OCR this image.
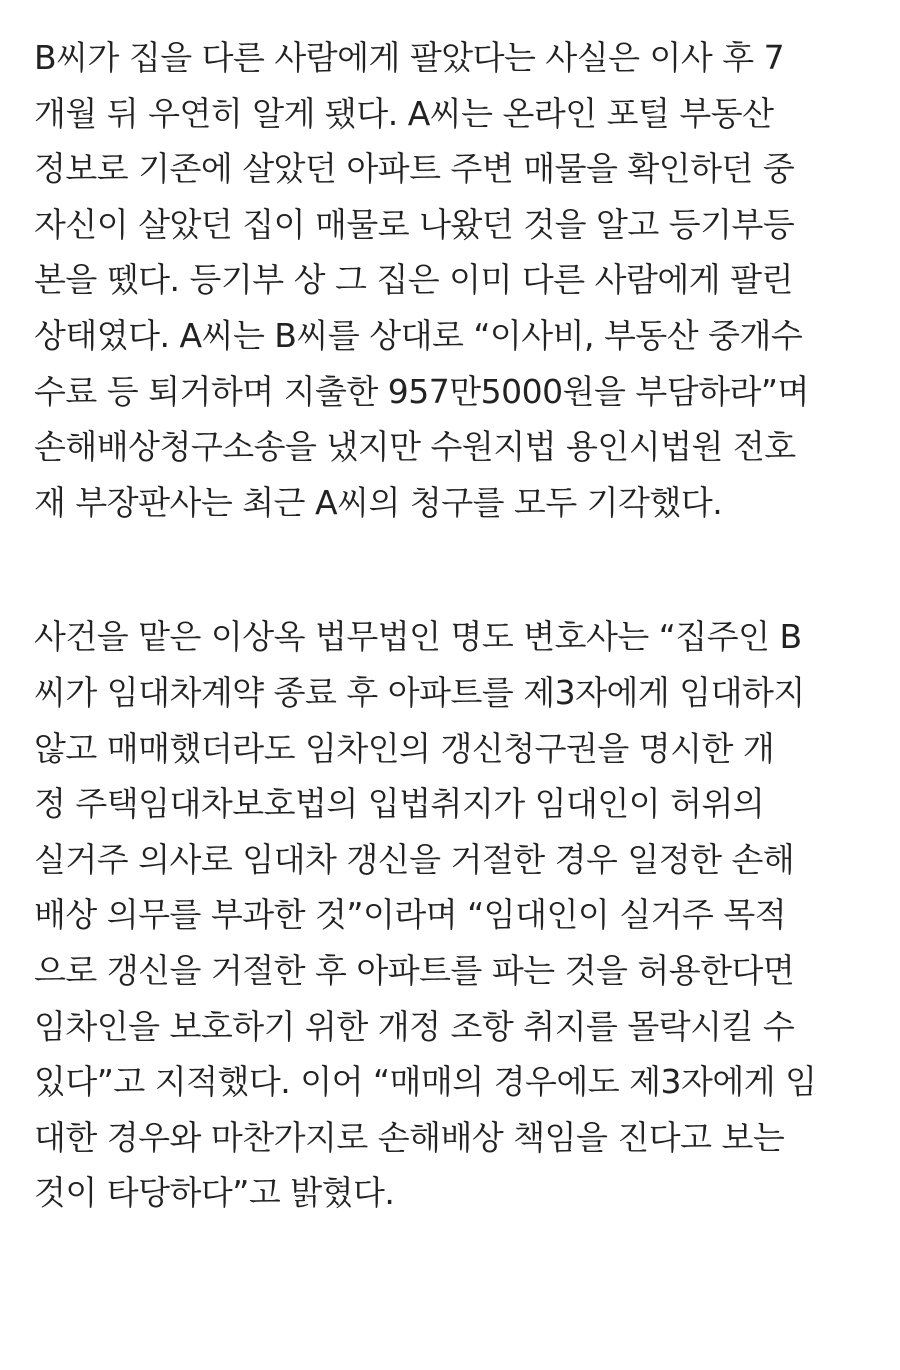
B씨가 집을 다른 사람에게 팔았다는 사실은 이사 후 7
개월 뒤 우연히 알게 됐다. A씨는 온라인 포털 부동산
정보로 기존에 살았던 아파트 주변 매물을 확인하던 중
자신이 살았던 집이 매물로 나왔던 것을 알고 등기부등
본을 뗐다. 등기부 상 그 집은 이미 다른 사람에게 팔린
상태였다. A씨는 B씨를 상대로 “이사비, 부동산 중개수
수료 등 퇴거하며 지출한 957만5000원을 부담하라”며
손해배상청구소송을 냈지만 수원지법 용인시법원 전호
재 부장판사는 최근 A씨의 청구를 모두 기각했다.
사건을 맡은 이상옥 법무법인 명도 변호사는 “집주인 B
씨가 임대차계약 종료 후 아파트를 제3자에게 임대하지
않고 매매했더라도 임차인의 갱신청구권을 명시한 개
정 주택임대차보호법의 입법취지가 임대인이 허위의
실거주 의사로 임대차 갱신을 거절한 경우 일정한 손해
배상 의무를 부과한 것”이라며 “임대인이 실거주 목적
으로 갱신을 거절한 후 아파트를 파는 것을 허용한다면
임차인을 보호하기 위한 개정 조항 취지를 몰락시킬 수
있다”고 지적했다. 이어 “매매의 경우에도 제3자에게 임
대한 경우와 마찬가지로 손해배상 책임을 진다고 보는
것이 타당하다”고 밝혔다.
